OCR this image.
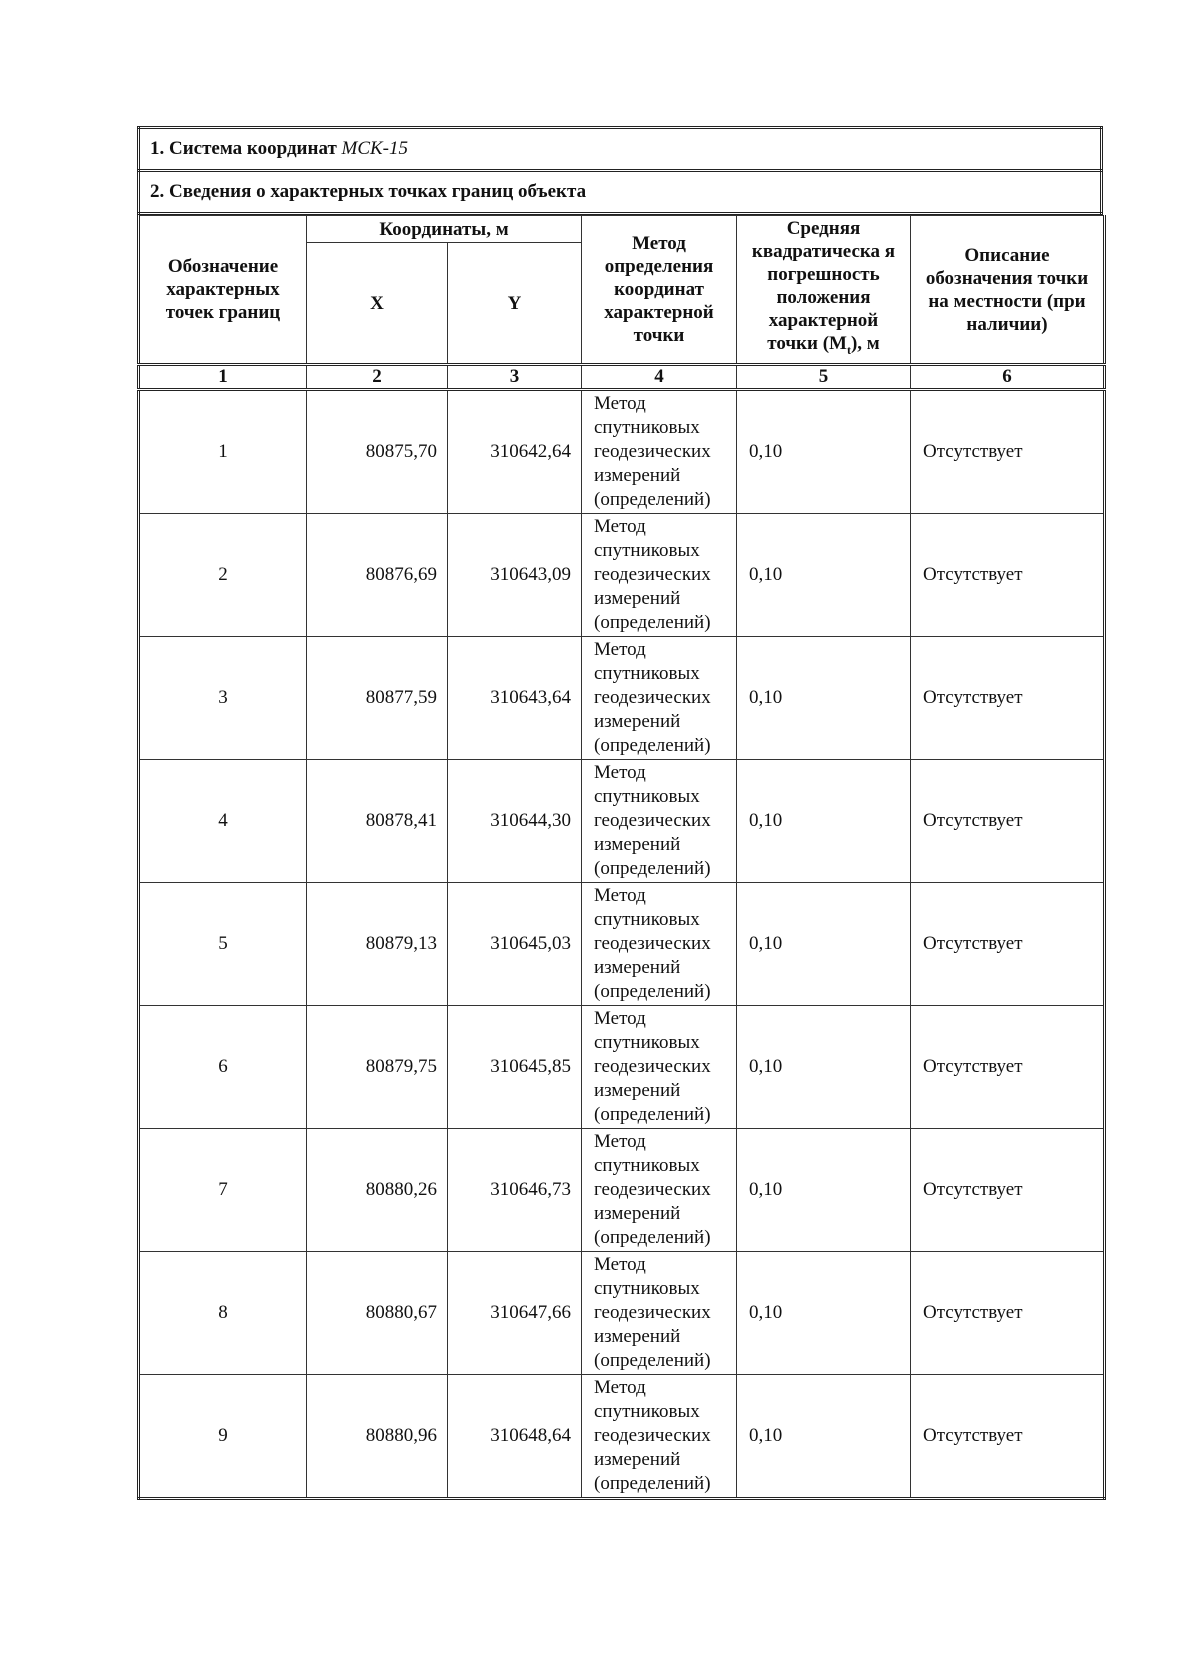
1. Система координат МСК-15
2. Сведения о характерных точках границ объекта
Обозначение характерных точек границ	Координаты, м		Метод определения координат характерной точки	Средняя квадратическа я погрешность положения характерной точки $(M_t)$, м	Описание обозначения точки на местности (при наличии)
	X	Y			
1	2	3	4	5	6
1	80875,70	310642,64	Метод спутниковых геодезических измерений (определений)	0,10	Отсутствует
2	80876,69	310643,09	Метод спутниковых геодезических измерений (определений)	0,10	Отсутствует
3	80877,59	310643,64	Метод спутниковых геодезических измерений (определений)	0,10	Отсутствует
4	80878,41	310644,30	Метод спутниковых геодезических измерений (определений)	0,10	Отсутствует
5	80879,13	310645,03	Метод спутниковых геодезических измерений (определений)	0,10	Отсутствует
6	80879,75	310645,85	Метод спутниковых геодезических измерений (определений)	0,10	Отсутствует
7	80880,26	310646,73	Метод спутниковых геодезических измерений (определений)	0,10	Отсутствует
8	80880,67	310647,66	Метод спутниковых геодезических измерений (определений)	0,10	Отсутствует
9	80880,96	310648,64	Метод спутниковых геодезических измерений (определений)	0,10	Отсутствует
